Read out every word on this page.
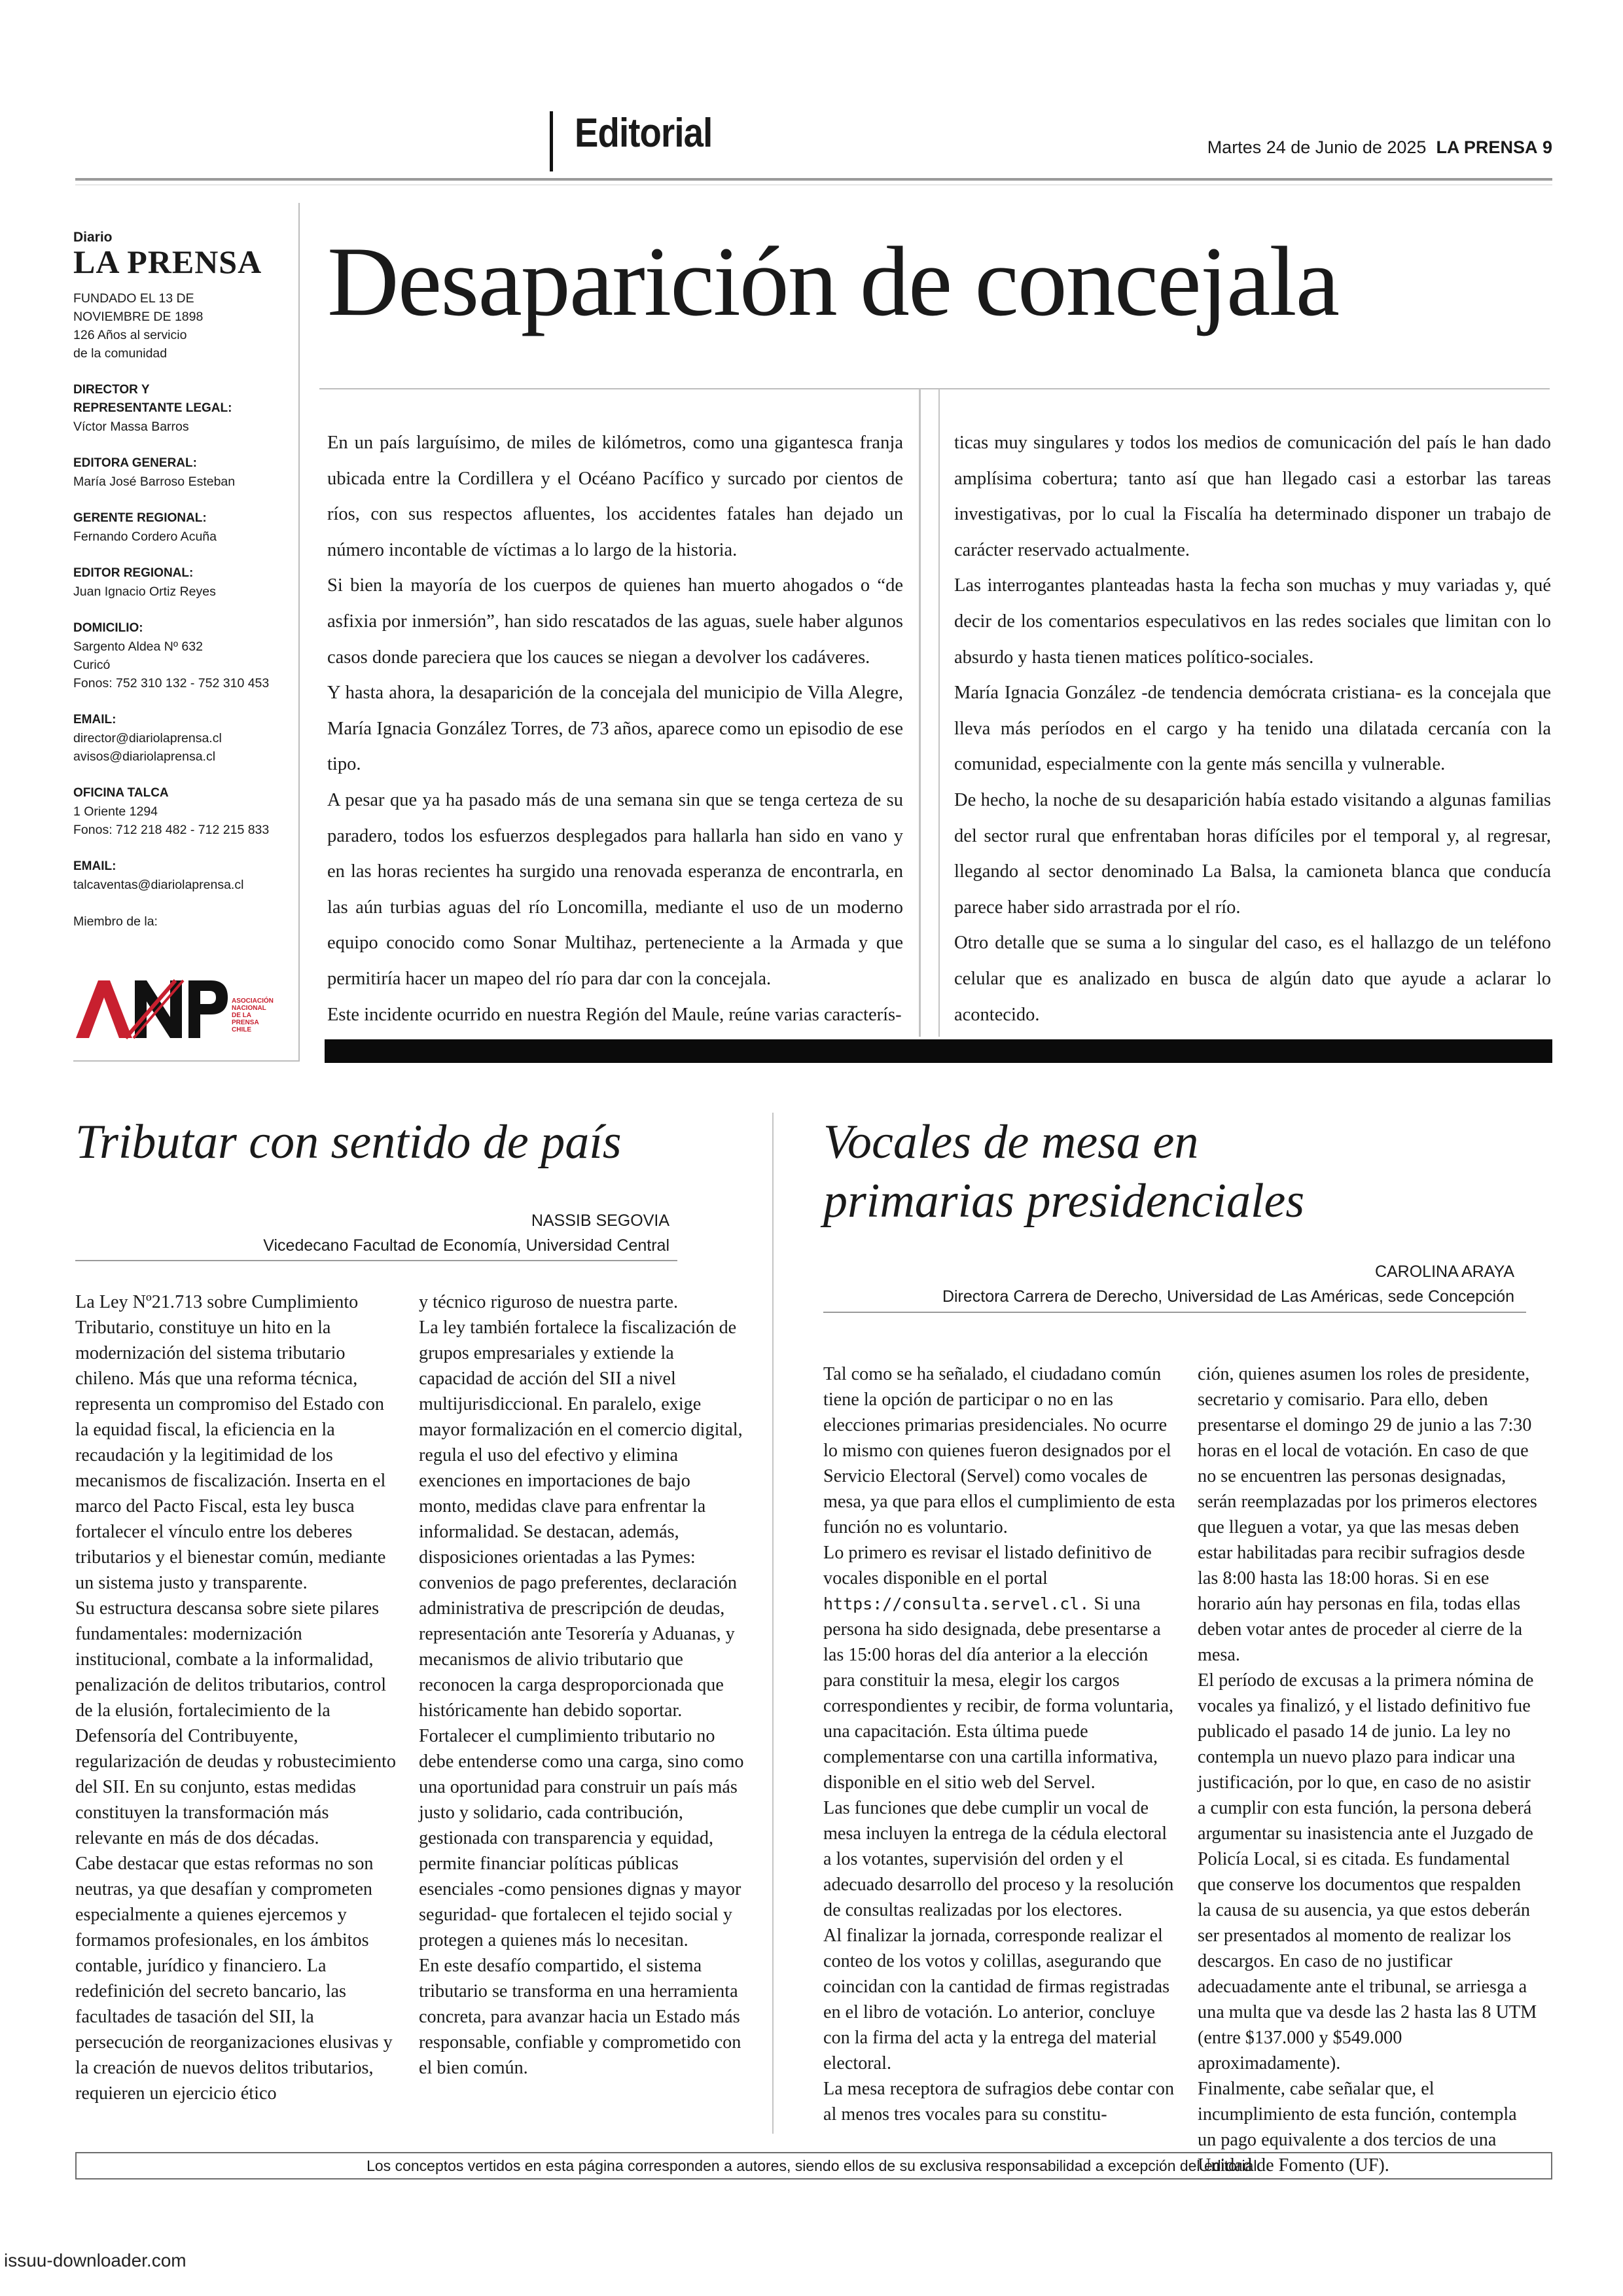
Editorial	Martes 24 de Junio de 2025 LA PRENSA 9
Diario
LA PRENSA
FUNDADO EL 13 DE
NOVIEMBRE DE 1898
126 Años al servicio
de la comunidad
DIRECTOR Y
REPRESENTANTE LEGAL:
Víctor Massa Barros
EDITORA GENERAL:
María José Barroso Esteban
GERENTE REGIONAL:
Fernando Cordero Acuña
EDITOR REGIONAL:
Juan Ignacio Ortiz Reyes
DOMICILIO:
Sargento Aldea Nº 632
Curicó
Fonos: 752 310 132 - 752 310 453
EMAIL:
director@diariolaprensa.cl
avisos@diariolaprensa.cl
OFICINA TALCA
1 Oriente 1294
Fonos: 712 218 482 - 712 215 833
EMAIL:
talcaventas@diariolaprensa.cl
Miembro de la:
ASOCIACIÓN
NACIONAL
DE LA PRENSA
CHILE
Desaparición de concejala

En un país larguísimo, de miles de kilómetros, como una gigantesca franja ubicada entre la Cordillera y el Océano Pacífico y surcado por cientos de ríos, con sus respectos afluentes, los accidentes fatales han dejado un número incontable de víctimas a lo largo de la historia.

Si bien la mayoría de los cuerpos de quienes han muerto ahogados o “de asfixia por inmersión”, han sido rescatados de las aguas, suele haber algunos casos donde pareciera que los cauces se niegan a devolver los cadáveres.

Y hasta ahora, la desaparición de la concejala del municipio de Villa Alegre, María Ignacia González Torres, de 73 años, aparece como un episodio de ese tipo.

A pesar que ya ha pasado más de una semana sin que se tenga certeza de su paradero, todos los esfuerzos desplegados para hallarla han sido en vano y en las horas recientes ha surgido una renovada esperanza de encontrarla, en las aún turbias aguas del río Loncomilla, mediante el uso de un moderno equipo conocido como Sonar Multihaz, perteneciente a la Armada y que permitiría hacer un mapeo del río para dar con la concejala.

Este incidente ocurrido en nuestra Región del Maule, reúne varias caracterís-

ticas muy singulares y todos los medios de comunicación del país le han dado amplísima cobertura; tanto así que han llegado casi a estorbar las tareas investigativas, por lo cual la Fiscalía ha determinado disponer un trabajo de carácter reservado actualmente.

Las interrogantes planteadas hasta la fecha son muchas y muy variadas y, qué decir de los comentarios especulativos en las redes sociales que limitan con lo absurdo y hasta tienen matices político-sociales.

María Ignacia González -de tendencia demócrata cristiana- es la concejala que lleva más períodos en el cargo y ha tenido una dilatada cercanía con la comunidad, especialmente con la gente más sencilla y vulnerable.

De hecho, la noche de su desaparición había estado visitando a algunas familias del sector rural que enfrentaban horas difíciles por el temporal y, al regresar, llegando al sector denominado La Balsa, la camioneta blanca que conducía parece haber sido arrastrada por el río.

Otro detalle que se suma a lo singular del caso, es el hallazgo de un teléfono celular que es analizado en busca de algún dato que ayude a aclarar lo acontecido.

Tributar con sentido de país
NASSIB SEGOVIA
Vicedecano Facultad de Economía, Universidad Central

La Ley Nº21.713 sobre Cumplimiento Tributario, constituye un hito en la modernización del sistema tributario chileno. Más que una reforma técnica, representa un compromiso del Estado con la equidad fiscal, la eficiencia en la recaudación y la legitimidad de los mecanismos de fiscalización. Inserta en el marco del Pacto Fiscal, esta ley busca fortalecer el vínculo entre los deberes tributarios y el bienestar común, mediante un sistema justo y transparente.

Su estructura descansa sobre siete pilares fundamentales: modernización institucional, combate a la informalidad, penalización de delitos tributarios, control de la elusión, fortalecimiento de la Defensoría del Contribuyente, regularización de deudas y robustecimiento del SII. En su conjunto, estas medidas constituyen la transformación más relevante en más de dos décadas.

Cabe destacar que estas reformas no son neutras, ya que desafían y comprometen especialmente a quienes ejercemos y formamos profesionales, en los ámbitos contable, jurídico y financiero. La redefinición del secreto bancario, las facultades de tasación del SII, la persecución de reorganizaciones elusivas y la creación de nuevos delitos tributarios, requieren un ejercicio ético

y técnico riguroso de nuestra parte.

La ley también fortalece la fiscalización de grupos empresariales y extiende la capacidad de acción del SII a nivel multijurisdiccional. En paralelo, exige mayor formalización en el comercio digital, regula el uso del efectivo y elimina exenciones en importaciones de bajo monto, medidas clave para enfrentar la informalidad. Se destacan, además, disposiciones orientadas a las Pymes: convenios de pago preferentes, declaración administrativa de prescripción de deudas, representación ante Tesorería y Aduanas, y mecanismos de alivio tributario que reconocen la carga desproporcionada que históricamente han debido soportar.

Fortalecer el cumplimiento tributario no debe entenderse como una carga, sino como una oportunidad para construir un país más justo y solidario, cada contribución, gestionada con transparencia y equidad, permite financiar políticas públicas esenciales -como pensiones dignas y mayor seguridad- que fortalecen el tejido social y protegen a quienes más lo necesitan.

En este desafío compartido, el sistema tributario se transforma en una herramienta concreta, para avanzar hacia un Estado más responsable, confiable y comprometido con el bien común.

Vocales de mesa en
primarias presidenciales
CAROLINA ARAYA
Directora Carrera de Derecho, Universidad de Las Américas, sede Concepción

Tal como se ha señalado, el ciudadano común tiene la opción de participar o no en las elecciones primarias presidenciales. No ocurre lo mismo con quienes fueron designados por el Servicio Electoral (Servel) como vocales de mesa, ya que para ellos el cumplimiento de esta función no es voluntario.

Lo primero es revisar el listado definitivo de vocales disponible en el portal https://consulta.servel.cl. Si una persona ha sido designada, debe presentarse a las 15:00 horas del día anterior a la elección para constituir la mesa, elegir los cargos correspondientes y recibir, de forma voluntaria, una capacitación. Esta última puede complementarse con una cartilla informativa, disponible en el sitio web del Servel.

Las funciones que debe cumplir un vocal de mesa incluyen la entrega de la cédula electoral a los votantes, supervisión del orden y el adecuado desarrollo del proceso y la resolución de consultas realizadas por los electores.

Al finalizar la jornada, corresponde realizar el conteo de los votos y colillas, asegurando que coincidan con la cantidad de firmas registradas en el libro de votación. Lo anterior, concluye con la firma del acta y la entrega del material electoral.

La mesa receptora de sufragios debe contar con al menos tres vocales para su constitu-

ción, quienes asumen los roles de presidente, secretario y comisario. Para ello, deben presentarse el domingo 29 de junio a las 7:30 horas en el local de votación. En caso de que no se encuentren las personas designadas, serán reemplazadas por los primeros electores que lleguen a votar, ya que las mesas deben estar habilitadas para recibir sufragios desde las 8:00 hasta las 18:00 horas. Si en ese horario aún hay personas en fila, todas ellas deben votar antes de proceder al cierre de la mesa.

El período de excusas a la primera nómina de vocales ya finalizó, y el listado definitivo fue publicado el pasado 14 de junio. La ley no contempla un nuevo plazo para indicar una justificación, por lo que, en caso de no asistir a cumplir con esta función, la persona deberá argumentar su inasistencia ante el Juzgado de Policía Local, si es citada. Es fundamental que conserve los documentos que respalden la causa de su ausencia, ya que estos deberán ser presentados al momento de realizar los descargos. En caso de no justificar adecuadamente ante el tribunal, se arriesga a una multa que va desde las 2 hasta las 8 UTM (entre $137.000 y $549.000 aproximadamente).

Finalmente, cabe señalar que, el incumplimiento de esta función, contempla un pago equivalente a dos tercios de una Unidad de Fomento (UF).

Los conceptos vertidos en esta página corresponden a autores, siendo ellos de su exclusiva responsabilidad a excepción del editorial.
issuu-downloader.com
